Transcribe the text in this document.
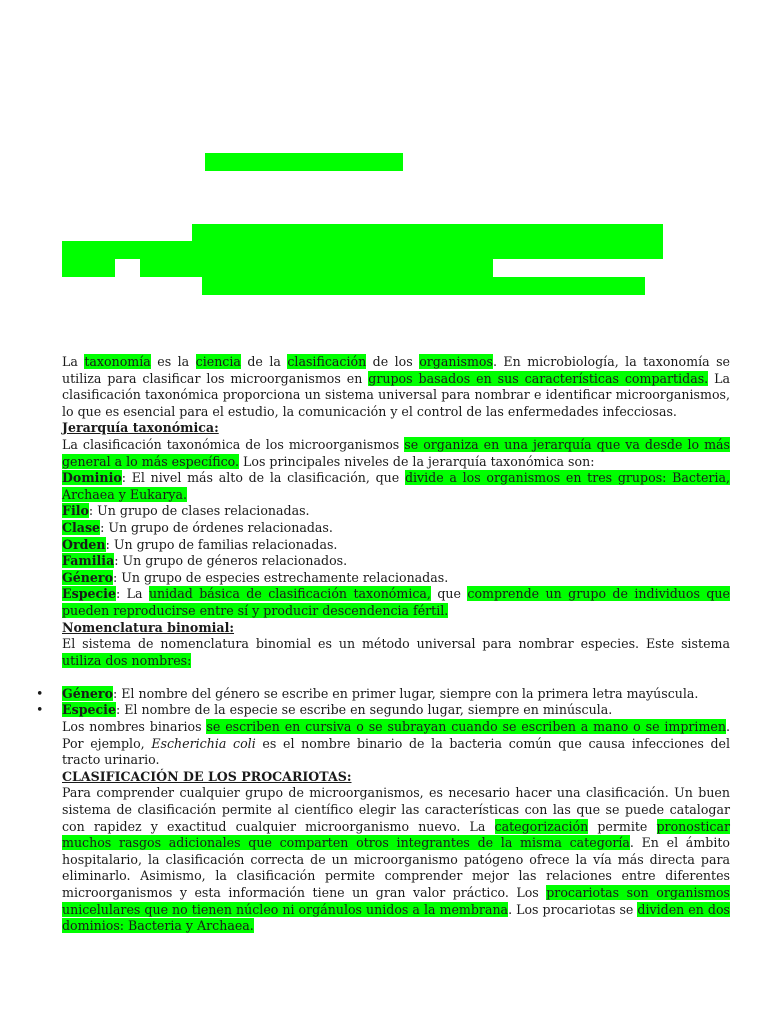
La taxonomía es la ciencia de la clasificación de los organismos. En microbiología, la taxonomía se utiliza para clasificar los microorganismos en grupos basados en sus características compartidas. La clasificación taxonómica proporciona un sistema universal para nombrar e identificar microorganismos, lo que es esencial para el estudio, la comunicación y el control de las enfermedades infecciosas.

Jerarquía taxonómica:

La clasificación taxonómica de los microorganismos se organiza en una jerarquía que va desde lo más general a lo más específico. Los principales niveles de la jerarquía taxonómica son:

Dominio: El nivel más alto de la clasificación, que divide a los organismos en tres grupos: Bacteria, Archaea y Eukarya.

Filo: Un grupo de clases relacionadas.

Clase: Un grupo de órdenes relacionadas.

Orden: Un grupo de familias relacionadas.

Familia: Un grupo de géneros relacionados.

Género: Un grupo de especies estrechamente relacionadas.

Especie: La unidad básica de clasificación taxonómica, que comprende un grupo de individuos que pueden reproducirse entre sí y producir descendencia fértil.

Nomenclatura binomial:

El sistema de nomenclatura binomial es un método universal para nombrar especies. Este sistema utiliza dos nombres:

• Género: El nombre del género se escribe en primer lugar, siempre con la primera letra mayúscula.
• Especie: El nombre de la especie se escribe en segundo lugar, siempre en minúscula.

Los nombres binarios se escriben en cursiva o se subrayan cuando se escriben a mano o se imprimen. Por ejemplo, Escherichia coli es el nombre binario de la bacteria común que causa infecciones del tracto urinario.

CLASIFICACIÓN DE LOS PROCARIOTAS:

Para comprender cualquier grupo de microorganismos, es necesario hacer una clasificación. Un buen sistema de clasificación permite al científico elegir las características con las que se puede catalogar con rapidez y exactitud cualquier microorganismo nuevo. La categorización permite pronosticar muchos rasgos adicionales que comparten otros integrantes de la misma categoría. En el ámbito hospitalario, la clasificación correcta de un microorganismo patógeno ofrece la vía más directa para eliminarlo. Asimismo, la clasificación permite comprender mejor las relaciones entre diferentes microorganismos y esta información tiene un gran valor práctico. Los procariotas son organismos unicelulares que no tienen núcleo ni orgánulos unidos a la membrana. Los procariotas se dividen en dos dominios: Bacteria y Archaea.
